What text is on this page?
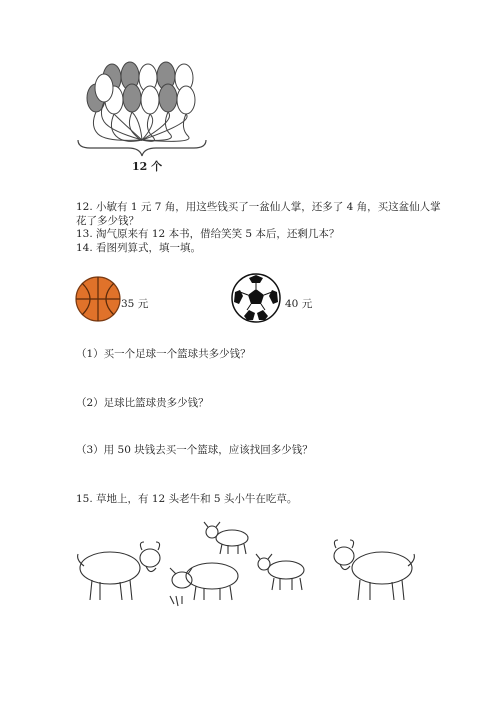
12 个
12. 小敏有 1 元 7 角，用这些钱买了一盆仙人掌，还多了 4 角，买这盆仙人掌花了多少钱？
13. 淘气原来有 12 本书，借给笑笑 5 本后，还剩几本？
14. 看图列算式，填一填。
35 元	40 元
（1）买一个足球一个篮球共多少钱？
（2）足球比篮球贵多少钱？
（3）用 50 块钱去买一个篮球，应该找回多少钱？
15. 草地上，有 12 头老牛和 5 头小牛在吃草。
